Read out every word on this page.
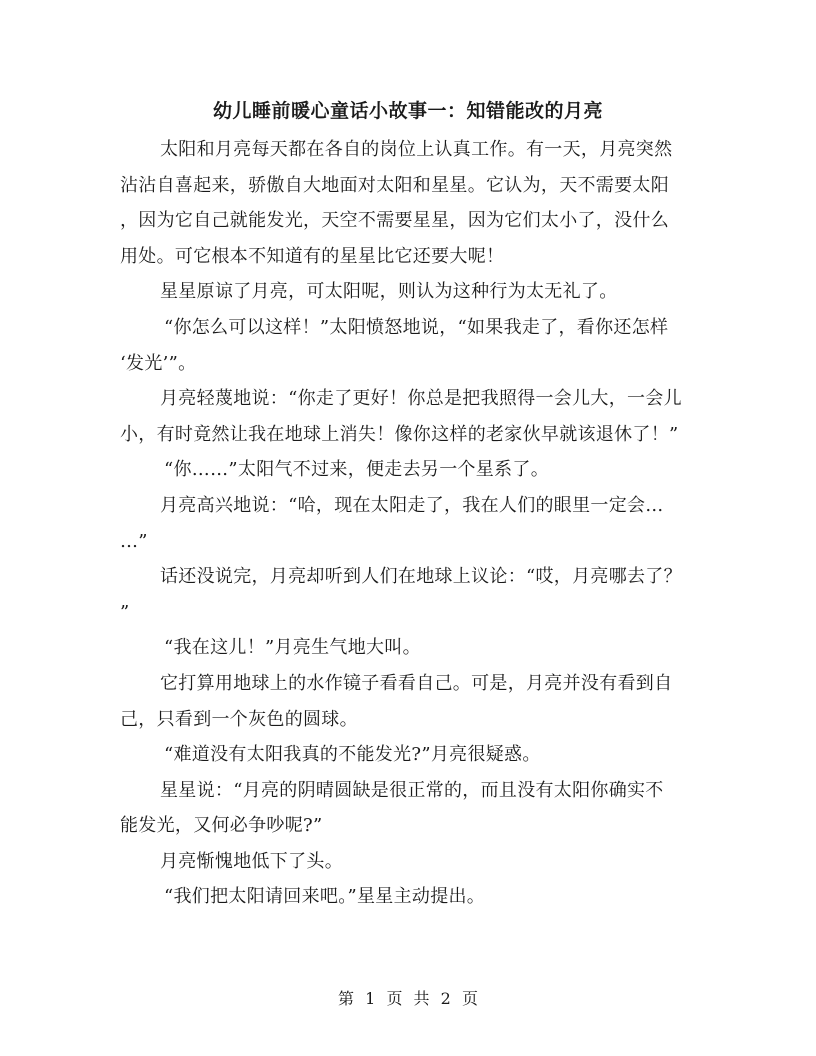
幼儿睡前暖心童话小故事一：知错能改的月亮
太阳和月亮每天都在各自的岗位上认真工作。有一天，月亮突然
沾沾自喜起来，骄傲自大地面对太阳和星星。它认为，天不需要太阳
，因为它自己就能发光，天空不需要星星，因为它们太小了，没什么
用处。可它根本不知道有的星星比它还要大呢！
星星原谅了月亮，可太阳呢，则认为这种行为太无礼了。
“你怎么可以这样！”太阳愤怒地说，“如果我走了，看你还怎样
‘发光’”。
月亮轻蔑地说：“你走了更好！你总是把我照得一会儿大，一会儿
小，有时竟然让我在地球上消失！像你这样的老家伙早就该退休了！”
“你……”太阳气不过来，便走去另一个星系了。
月亮高兴地说：“哈，现在太阳走了，我在人们的眼里一定会…
…”
话还没说完，月亮却听到人们在地球上议论：“哎，月亮哪去了？
”
“我在这儿！”月亮生气地大叫。
它打算用地球上的水作镜子看看自己。可是，月亮并没有看到自
己，只看到一个灰色的圆球。
“难道没有太阳我真的不能发光?”月亮很疑惑。
星星说：“月亮的阴晴圆缺是很正常的，而且没有太阳你确实不
能发光，又何必争吵呢?”
月亮惭愧地低下了头。
“我们把太阳请回来吧。”星星主动提出。
第 1 页 共 2 页
